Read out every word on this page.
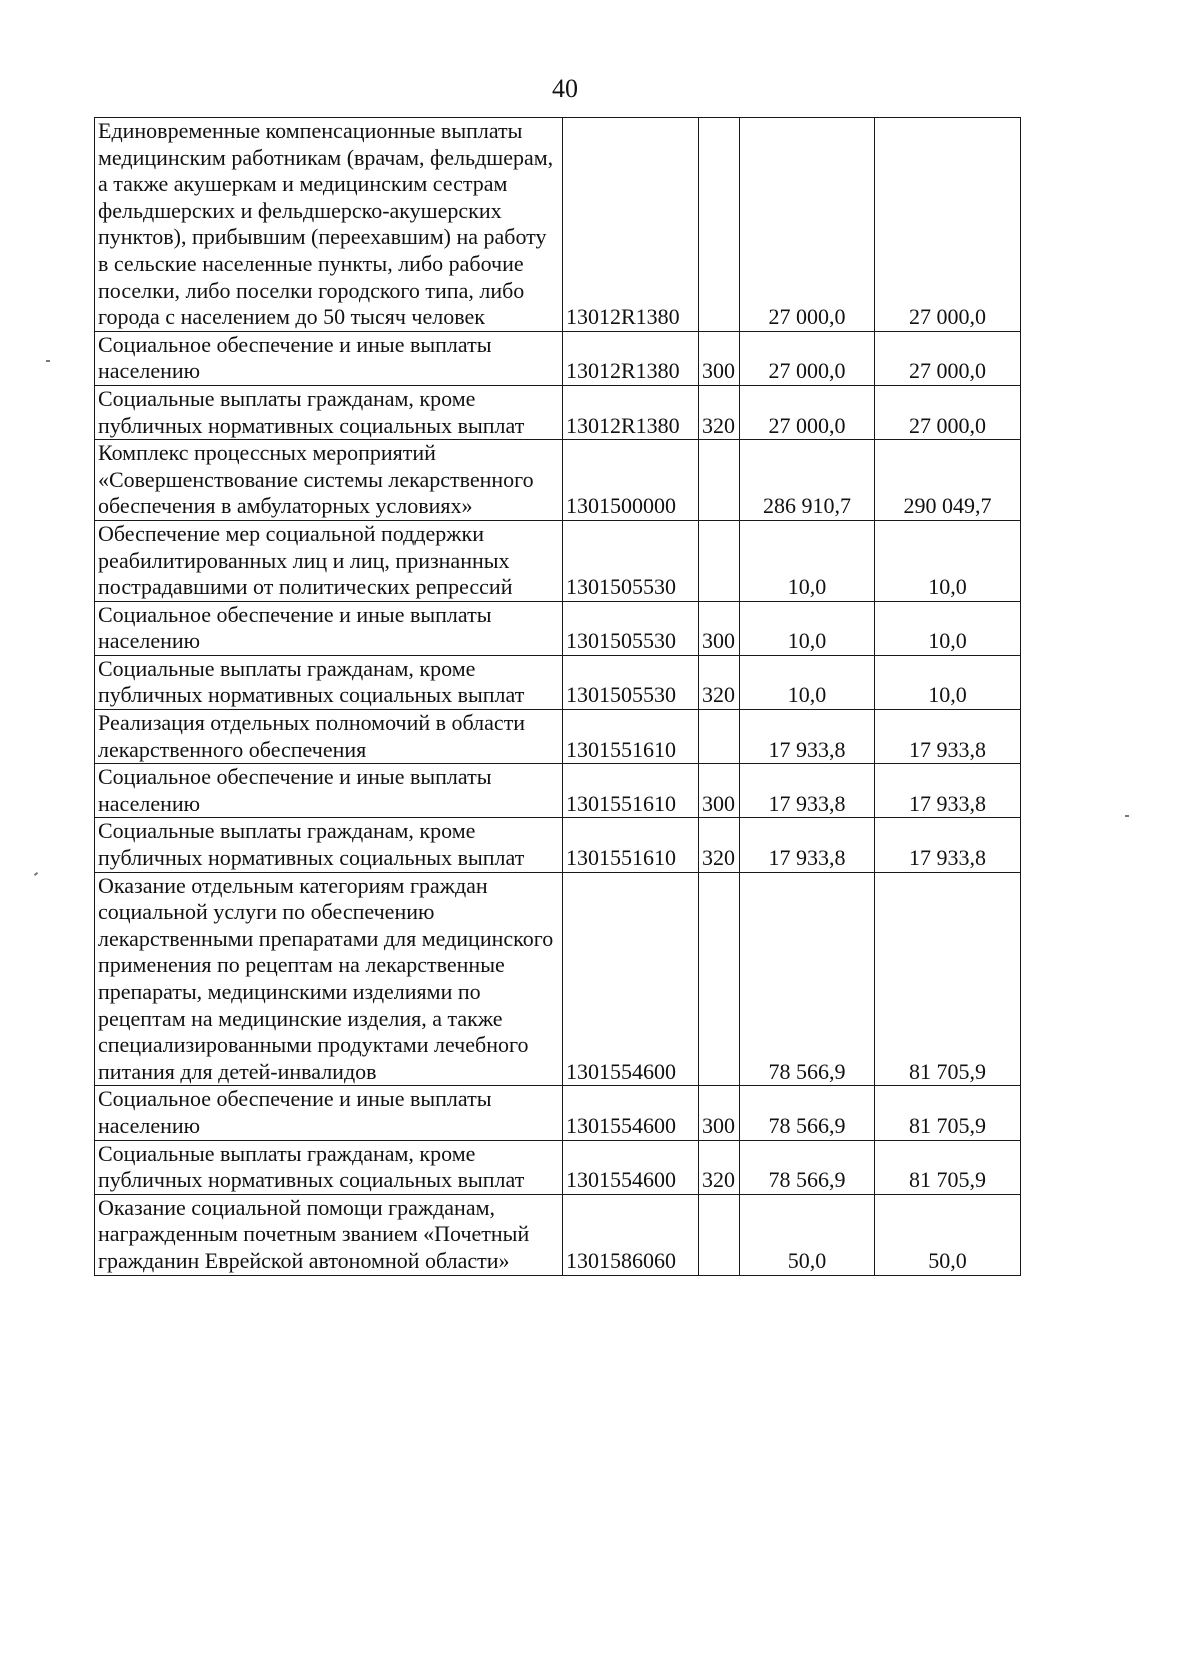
40
Единовременные компенсационные выплаты медицинским работникам (врачам, фельдшерам, а также акушеркам и медицинским сестрам фельдшерских и фельдшерско-акушерских пунктов), прибывшим (переехавшим) на работу в сельские населенные пункты, либо рабочие поселки, либо поселки городского типа, либо города с населением до 50 тысяч человек	13012R1380		27 000,0	27 000,0

Социальное обеспечение и иные выплаты населению	13012R1380	300	27 000,0	27 000,0

Социальные выплаты гражданам, кроме публичных нормативных социальных выплат	13012R1380	320	27 000,0	27 000,0

Комплекс процессных мероприятий «Совершенствование системы лекарственного обеспечения в амбулаторных условиях»	1301500000		286 910,7	290 049,7

Обеспечение мер социальной поддержки реабилитированных лиц и лиц, признанных пострадавшими от политических репрессий	1301505530		10,0	10,0

Социальное обеспечение и иные выплаты населению	1301505530	300	10,0	10,0

Социальные выплаты гражданам, кроме публичных нормативных социальных выплат	1301505530	320	10,0	10,0

Реализация отдельных полномочий в области лекарственного обеспечения	1301551610		17 933,8	17 933,8

Социальное обеспечение и иные выплаты населению	1301551610	300	17 933,8	17 933,8

Социальные выплаты гражданам, кроме публичных нормативных социальных выплат	1301551610	320	17 933,8	17 933,8

Оказание отдельным категориям граждан социальной услуги по обеспечению лекарственными препаратами для медицинского применения по рецептам на лекарственные препараты, медицинскими изделиями по рецептам на медицинские изделия, а также специализированными продуктами лечебного питания для детей-инвалидов	1301554600		78 566,9	81 705,9

Социальное обеспечение и иные выплаты населению	1301554600	300	78 566,9	81 705,9

Социальные выплаты гражданам, кроме публичных нормативных социальных выплат	1301554600	320	78 566,9	81 705,9

Оказание социальной помощи гражданам, награжденным почетным званием «Почетный гражданин Еврейской автономной области»	1301586060		50,0	50,0
